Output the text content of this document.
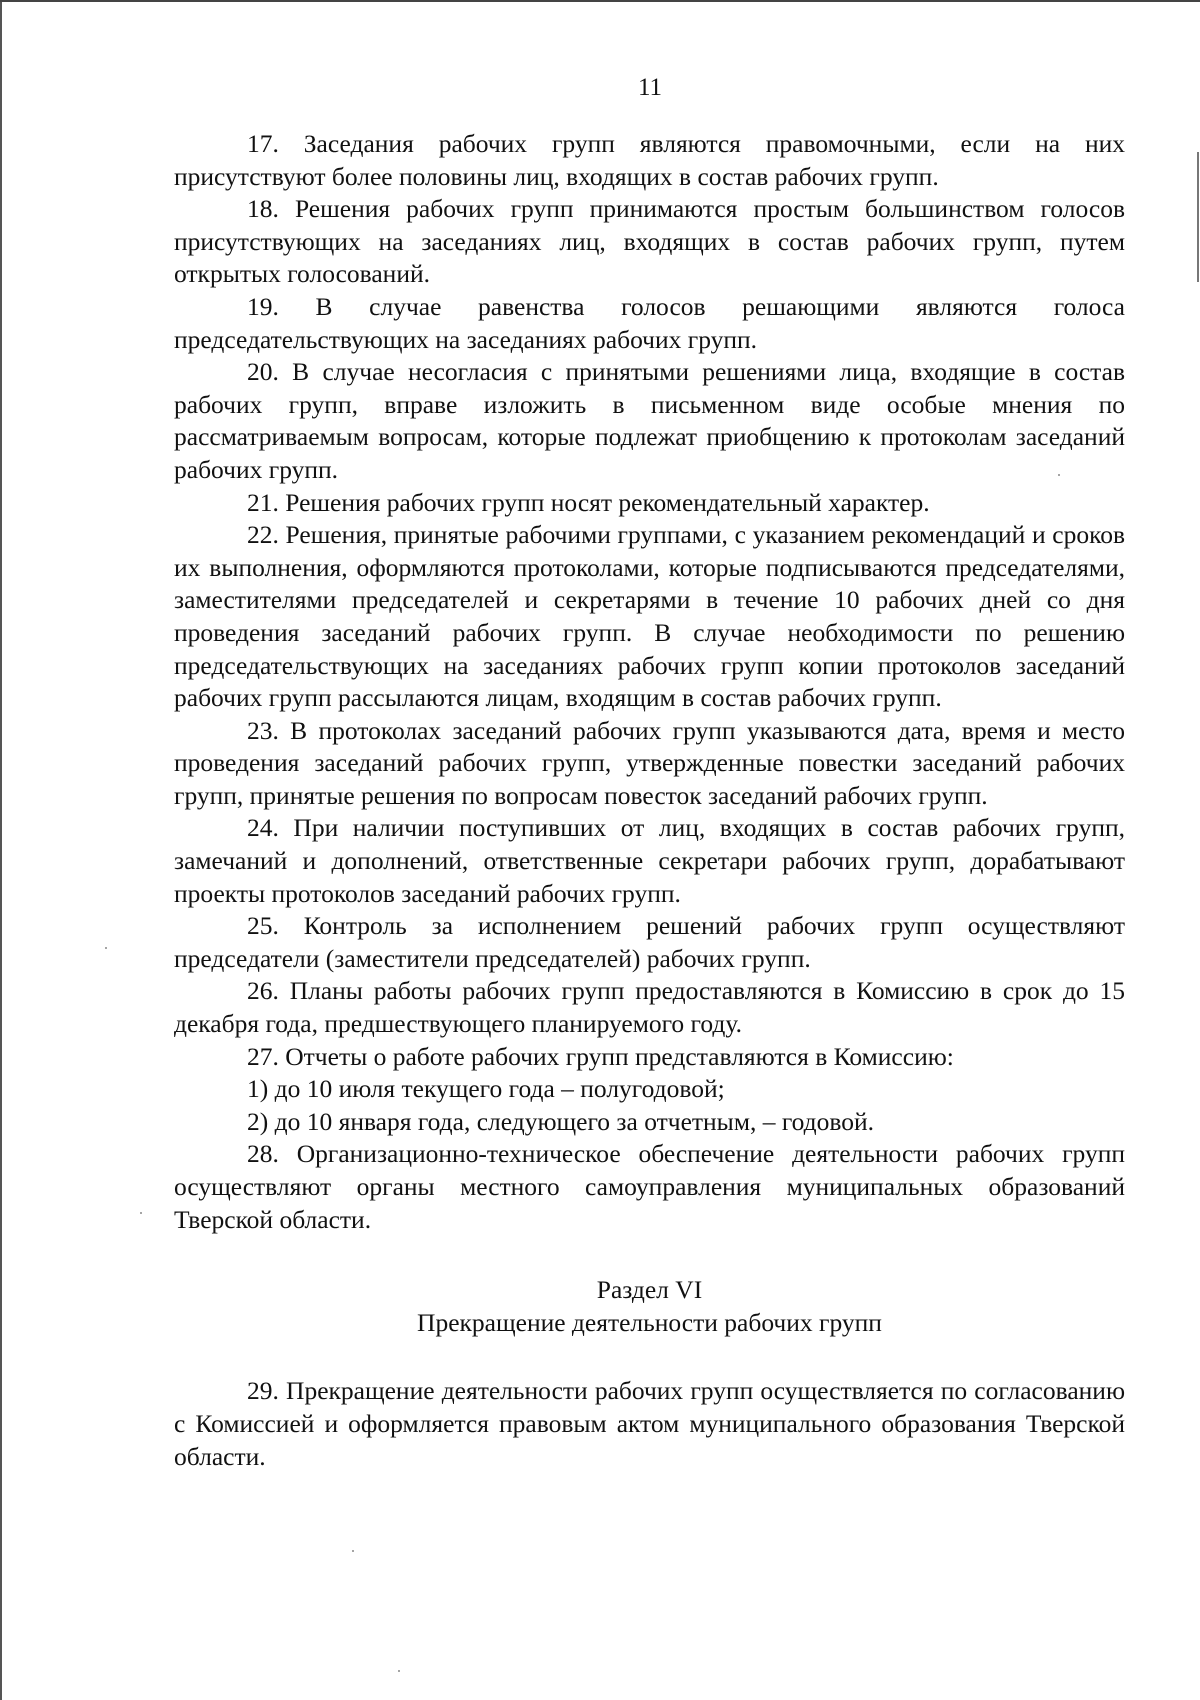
11

17. Заседания рабочих групп являются правомочными, если на них присутствуют более половины лиц, входящих в состав рабочих групп.

18. Решения рабочих групп принимаются простым большинством голосов присутствующих на заседаниях лиц, входящих в состав рабочих групп, путем открытых голосований.

19. В случае равенства голосов решающими являются голоса председательствующих на заседаниях рабочих групп.

20. В случае несогласия с принятыми решениями лица, входящие в состав рабочих групп, вправе изложить в письменном виде особые мнения по рассматриваемым вопросам, которые подлежат приобщению к протоколам заседаний рабочих групп.

21. Решения рабочих групп носят рекомендательный характер.

22. Решения, принятые рабочими группами, с указанием рекомендаций и сроков их выполнения, оформляются протоколами, которые подписываются председателями, заместителями председателей и секретарями в течение 10 рабочих дней со дня проведения заседаний рабочих групп. В случае необходимости по решению председательствующих на заседаниях рабочих групп копии протоколов заседаний рабочих групп рассылаются лицам, входящим в состав рабочих групп.

23. В протоколах заседаний рабочих групп указываются дата, время и место проведения заседаний рабочих групп, утвержденные повестки заседаний рабочих групп, принятые решения по вопросам повесток заседаний рабочих групп.

24. При наличии поступивших от лиц, входящих в состав рабочих групп, замечаний и дополнений, ответственные секретари рабочих групп, дорабатывают проекты протоколов заседаний рабочих групп.

25. Контроль за исполнением решений рабочих групп осуществляют председатели (заместители председателей) рабочих групп.

26. Планы работы рабочих групп предоставляются в Комиссию в срок до 15 декабря года, предшествующего планируемого году.

27. Отчеты о работе рабочих групп представляются в Комиссию:

1) до 10 июля текущего года – полугодовой;

2) до 10 января года, следующего за отчетным, – годовой.

28. Организационно-техническое обеспечение деятельности рабочих групп осуществляют органы местного самоуправления муниципальных образований Тверской области.

Раздел VI

Прекращение деятельности рабочих групп

29. Прекращение деятельности рабочих групп осуществляется по согласованию с Комиссией и оформляется правовым актом муниципального образования Тверской области.
